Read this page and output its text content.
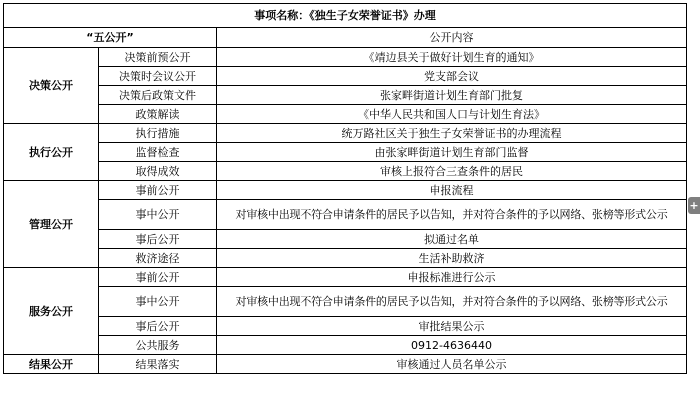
事项名称：《独生子女荣誉证书》办理		
“五公开”		公开内容
决策公开	决策前预公开	《靖边县关于做好计划生育的通知》
	决策时会议公开	党支部会议
	决策后政策文件	张家畔街道计划生育部门批复
	政策解读	《中华人民共和国人口与计划生育法》
执行公开	执行措施	统万路社区关于独生子女荣誉证书的办理流程
	监督检查	由张家畔街道计划生育部门监督
	取得成效	审核上报符合三查条件的居民
管理公开	事前公开	申报流程
	事中公开	对审核中出现不符合申请条件的居民予以告知，并对符合条件的予以网络、张榜等形式公示
	事后公开	拟通过名单
	救济途径	生活补助救济
服务公开	事前公开	申报标准进行公示
	事中公开	对审核中出现不符合申请条件的居民予以告知，并对符合条件的予以网络、张榜等形式公示
	事后公开	审批结果公示
	公共服务	0912-4636440
结果公开	结果落实	审核通过人员名单公示
+
